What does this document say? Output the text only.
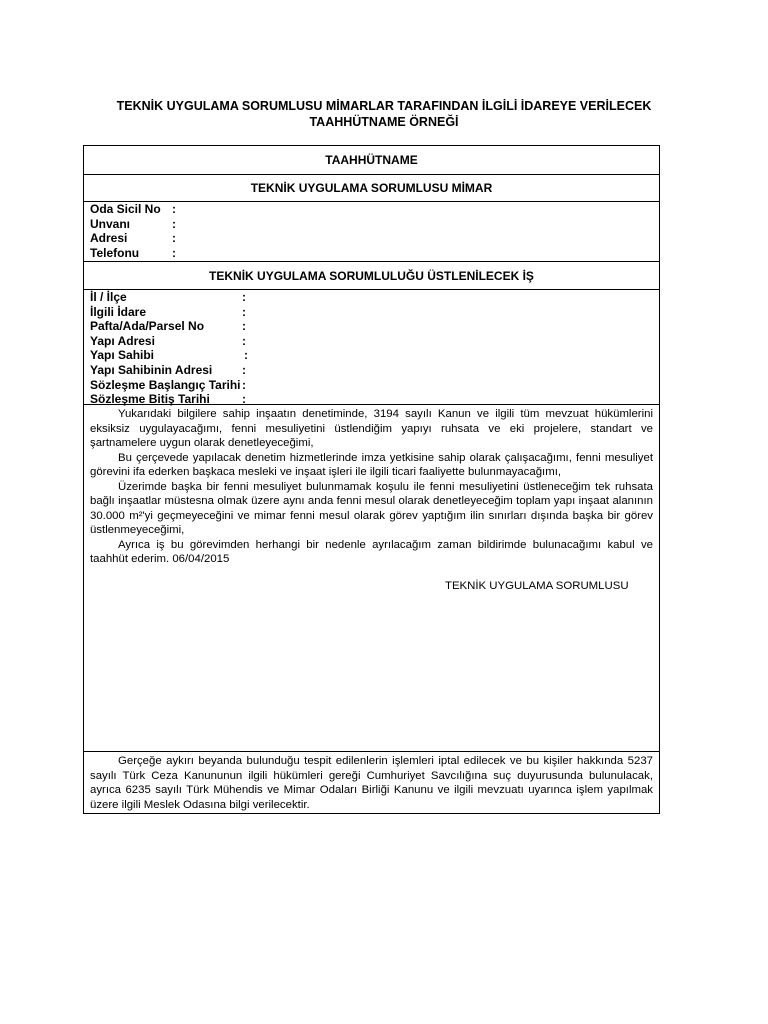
TEKNİK UYGULAMA SORUMLUSU MİMARLAR TARAFINDAN İLGİLİ İDAREYE VERİLECEK
TAAHHÜTNAME ÖRNEĞİ
TAAHHÜTNAME
TEKNİK UYGULAMA SORUMLUSU MİMAR
Oda Sicil No :
Unvanı	:
Adresi	:
Telefonu	:
TEKNİK UYGULAMA SORUMLULUĞU ÜSTLENİLECEK İŞ
İl / İlçe	:
İlgili İdare	:
Pafta/Ada/Parsel No	:
Yapı Adresi	:
Yapı Sahibi	:
Yapı Sahibinin Adresi :
Sözleşme Başlangıç Tarihi :
Sözleşme Bitiş Tarihi	:

Yukarıdaki bilgilere sahip inşaatın denetiminde, 3194 sayılı Kanun ve ilgili tüm mevzuat hükümlerini eksiksiz uygulayacağımı, fenni mesuliyetini üstlendiğim yapıyı ruhsata ve eki projelere, standart ve şartnamelere uygun olarak denetleyeceğimi,

Bu çerçevede yapılacak denetim hizmetlerinde imza yetkisine sahip olarak çalışacağımı, fenni mesuliyet görevini ifa ederken başkaca mesleki ve inşaat işleri ile ilgili ticari faaliyette bulunmayacağımı,

Üzerimde başka bir fenni mesuliyet bulunmamak koşulu ile fenni mesuliyetini üstleneceğim tek ruhsata bağlı inşaatlar müstesna olmak üzere aynı anda fenni mesul olarak denetleyeceğim toplam yapı inşaat alanının 30.000 m²'yi geçmeyeceğini ve mimar fenni mesul olarak görev yaptığım ilin sınırları dışında başka bir görev üstlenmeyeceğimi,

Ayrıca iş bu görevimden herhangi bir nedenle ayrılacağım zaman bildirimde bulunacağımı kabul ve taahhüt ederim. 06/04/2015

TEKNİK UYGULAMA SORUMLUSU

Gerçeğe aykırı beyanda bulunduğu tespit edilenlerin işlemleri iptal edilecek ve bu kişiler hakkında 5237 sayılı Türk Ceza Kanununun ilgili hükümleri gereği Cumhuriyet Savcılığına suç duyurusunda bulunulacak, ayrıca 6235 sayılı Türk Mühendis ve Mimar Odaları Birliği Kanunu ve ilgili mevzuatı uyarınca işlem yapılmak üzere ilgili Meslek Odasına bilgi verilecektir.
